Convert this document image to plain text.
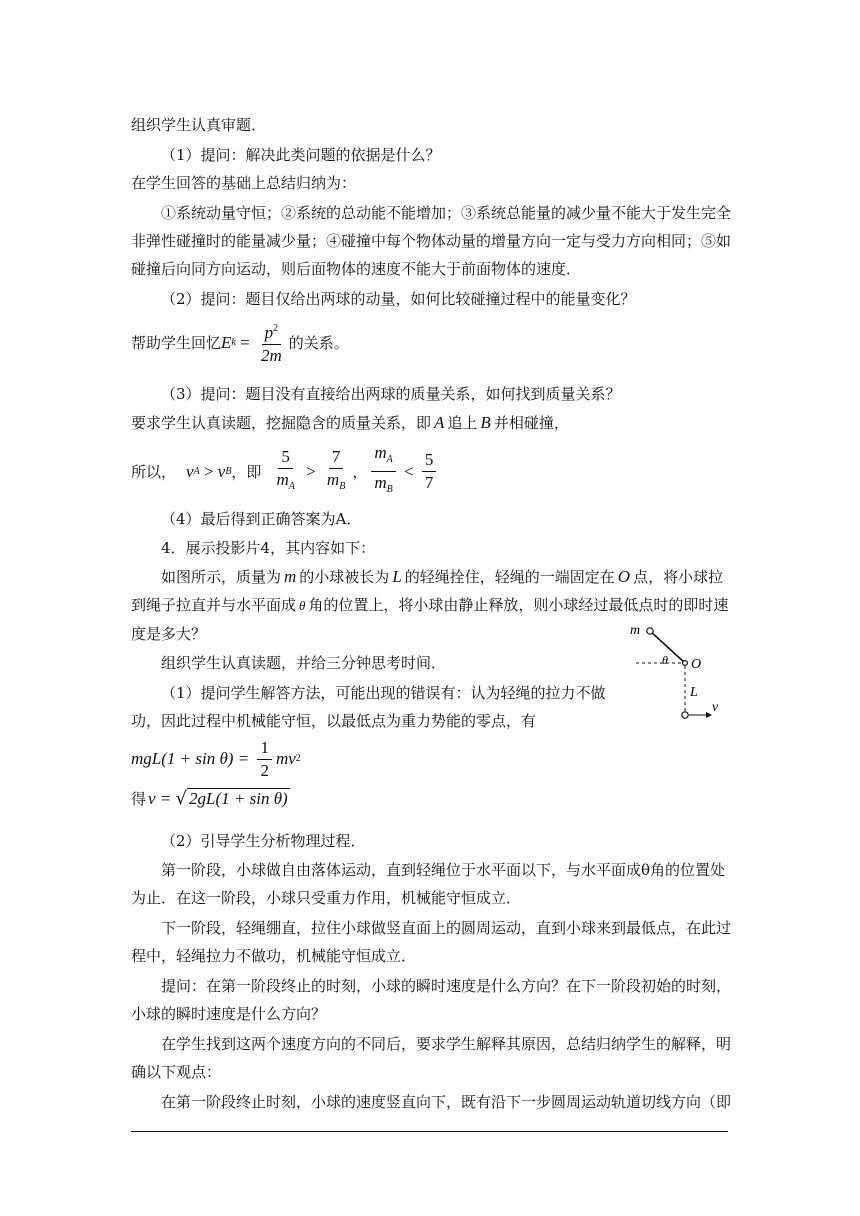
组织学生认真审题．
（1）提问：解决此类问题的依据是什么？
在学生回答的基础上总结归纳为：
①系统动量守恒；②系统的总动能不能增加；③系统总能量的减少量不能大于发生完全
非弹性碰撞时的能量减少量；④碰撞中每个物体动量的增量方向一定与受力方向相同；⑤如
碰撞后向同方向运动，则后面物体的速度不能大于前面物体的速度．
（2）提问：题目仅给出两球的动量，如何比较碰撞过程中的能量变化？
帮助学生回忆 E $k = \frac{p^2}{2m}$ 的关系。
（3）提问：题目没有直接给出两球的质量关系，如何找到质量关系？
要求学生认真读题，挖掘隐含的质量关系，即 A 追上 B 并相碰撞，
所以， v A > v B ，即 $\frac{5}{m_A} > \frac{7}{m_B}$ ， $\frac{m_A}{m_B} < \frac{5}{7}$
（4）最后得到正确答案为A．
4．展示投影片4，其内容如下：
如图所示，质量为 m 的小球被长为 L 的轻绳拴住，轻绳的一端固定在 O 点，将小球拉
到绳子拉直并与水平面成 θ 角的位置上，将小球由静止释放，则小球经过最低点时的即时速
度是多大？
组织学生认真读题，并给三分钟思考时间．
（1）提问学生解答方法，可能出现的错误有：认为轻绳的拉力不做
功，因此过程中机械能守恒，以最低点为重力势能的零点，有
m
θ O
L
v
$mgL(1 + \sin \theta) = \frac{1}{2}$ mv 2
得 v = √ 2gL(1 + sin θ)
（2）引导学生分析物理过程．
第一阶段，小球做自由落体运动，直到轻绳位于水平面以下，与水平面成θ角的位置处
为止．在这一阶段，小球只受重力作用，机械能守恒成立．
下一阶段，轻绳绷直，拉住小球做竖直面上的圆周运动，直到小球来到最低点，在此过
程中，轻绳拉力不做功，机械能守恒成立．
提问：在第一阶段终止的时刻，小球的瞬时速度是什么方向？在下一阶段初始的时刻，
小球的瞬时速度是什么方向？
在学生找到这两个速度方向的不同后，要求学生解释其原因，总结归纳学生的解释，明
确以下观点：
在第一阶段终止时刻，小球的速度竖直向下，既有沿下一步圆周运动轨道切线方向（即
